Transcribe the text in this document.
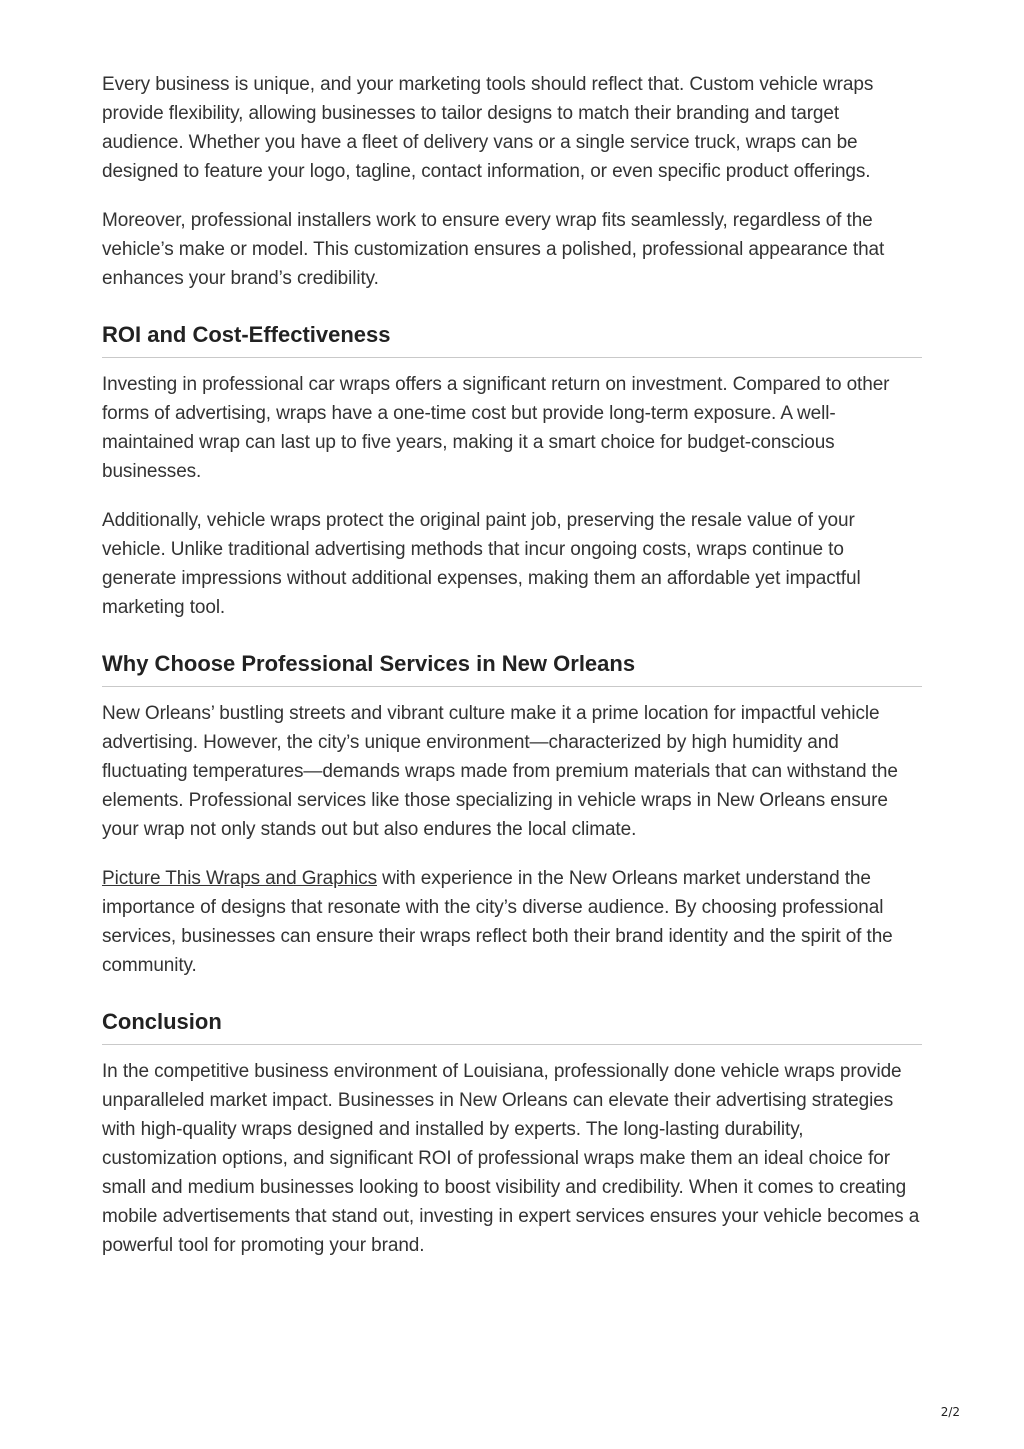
Every business is unique, and your marketing tools should reflect that. Custom vehicle wraps provide flexibility, allowing businesses to tailor designs to match their branding and target audience. Whether you have a fleet of delivery vans or a single service truck, wraps can be designed to feature your logo, tagline, contact information, or even specific product offerings.

Moreover, professional installers work to ensure every wrap fits seamlessly, regardless of the vehicle’s make or model. This customization ensures a polished, professional appearance that enhances your brand’s credibility.

ROI and Cost-Effectiveness

Investing in professional car wraps offers a significant return on investment. Compared to other forms of advertising, wraps have a one-time cost but provide long-term exposure. A well-maintained wrap can last up to five years, making it a smart choice for budget-conscious businesses.

Additionally, vehicle wraps protect the original paint job, preserving the resale value of your vehicle. Unlike traditional advertising methods that incur ongoing costs, wraps continue to generate impressions without additional expenses, making them an affordable yet impactful marketing tool.

Why Choose Professional Services in New Orleans

New Orleans’ bustling streets and vibrant culture make it a prime location for impactful vehicle advertising. However, the city’s unique environment—characterized by high humidity and fluctuating temperatures—demands wraps made from premium materials that can withstand the elements. Professional services like those specializing in vehicle wraps in New Orleans ensure your wrap not only stands out but also endures the local climate.

Picture This Wraps and Graphics with experience in the New Orleans market understand the importance of designs that resonate with the city’s diverse audience. By choosing professional services, businesses can ensure their wraps reflect both their brand identity and the spirit of the community.

Conclusion

In the competitive business environment of Louisiana, professionally done vehicle wraps provide unparalleled market impact. Businesses in New Orleans can elevate their advertising strategies with high-quality wraps designed and installed by experts. The long-lasting durability, customization options, and significant ROI of professional wraps make them an ideal choice for small and medium businesses looking to boost visibility and credibility. When it comes to creating mobile advertisements that stand out, investing in expert services ensures your vehicle becomes a powerful tool for promoting your brand.

2/2
